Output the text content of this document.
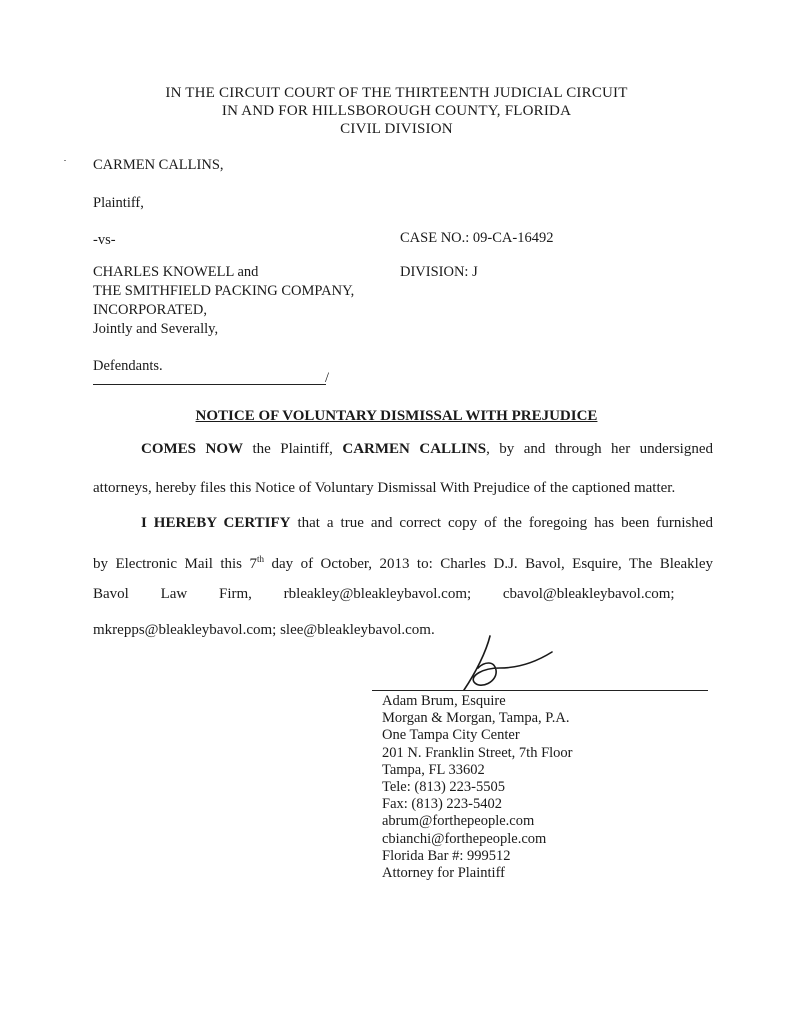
IN THE CIRCUIT COURT OF THE THIRTEENTH JUDICIAL CIRCUIT
IN AND FOR HILLSBOROUGH COUNTY, FLORIDA
CIVIL DIVISION
CARMEN CALLINS,
Plaintiff,
-vs-	CASE NO.: 09-CA-16492
DIVISION: J
CHARLES KNOWELL and
THE SMITHFIELD PACKING COMPANY,
INCORPORATED,
Jointly and Severally,
Defendants.
/
NOTICE OF VOLUNTARY DISMISSAL WITH PREJUDICE
COMES NOW the Plaintiff, CARMEN CALLINS, by and through her undersigned
attorneys, hereby files this Notice of Voluntary Dismissal With Prejudice of the captioned matter.
I HEREBY CERTIFY that a true and correct copy of the foregoing has been furnished
by Electronic Mail this 7th day of October, 2013 to: Charles D.J. Bavol, Esquire, The Bleakley
Bavol Law Firm, rbleakley@bleakleybavol.com; cbavol@bleakleybavol.com;
mkrepps@bleakleybavol.com; slee@bleakleybavol.com.
Adam Brum, Esquire
Morgan & Morgan, Tampa, P.A.
One Tampa City Center
201 N. Franklin Street, 7th Floor
Tampa, FL 33602
Tele: (813) 223-5505
Fax: (813) 223-5402
abrum@forthepeople.com
cbianchi@forthepeople.com
Florida Bar #: 999512
Attorney for Plaintiff
